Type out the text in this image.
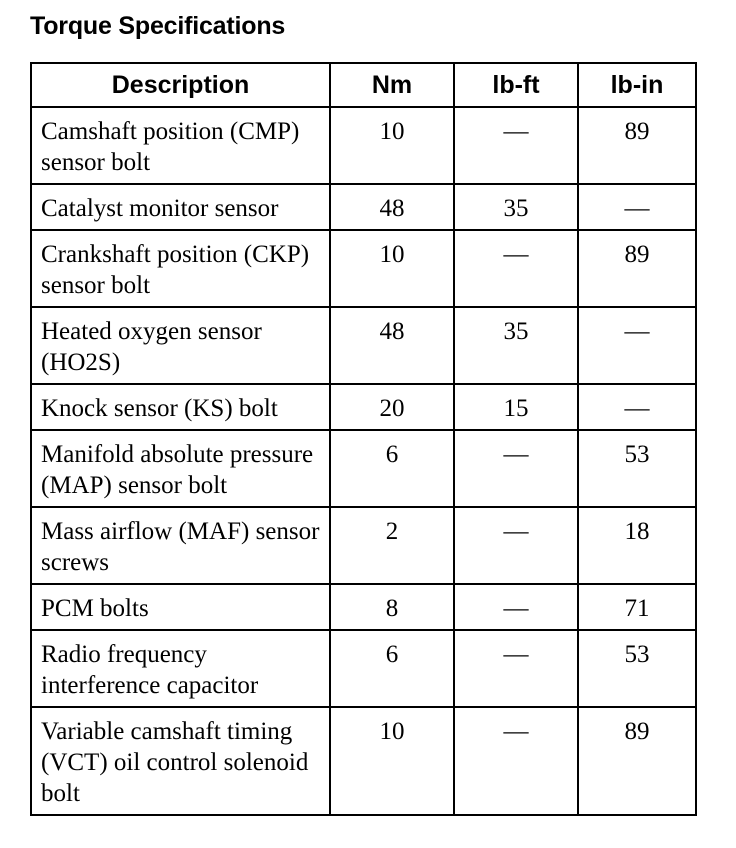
Torque Specifications
Description	Nm	lb-ft	lb-in
Camshaft position (CMP) sensor bolt	10	—	89
Catalyst monitor sensor	48	35	—
Crankshaft position (CKP) sensor bolt	10	—	89
Heated oxygen sensor (HO2S)	48	35	—
Knock sensor (KS) bolt	20	15	—
Manifold absolute pressure (MAP) sensor bolt	6	—	53
Mass airflow (MAF) sensor screws	2	—	18
PCM bolts	8	—	71
Radio frequency interference capacitor	6	—	53
Variable camshaft timing (VCT) oil control solenoid bolt	10	—	89
